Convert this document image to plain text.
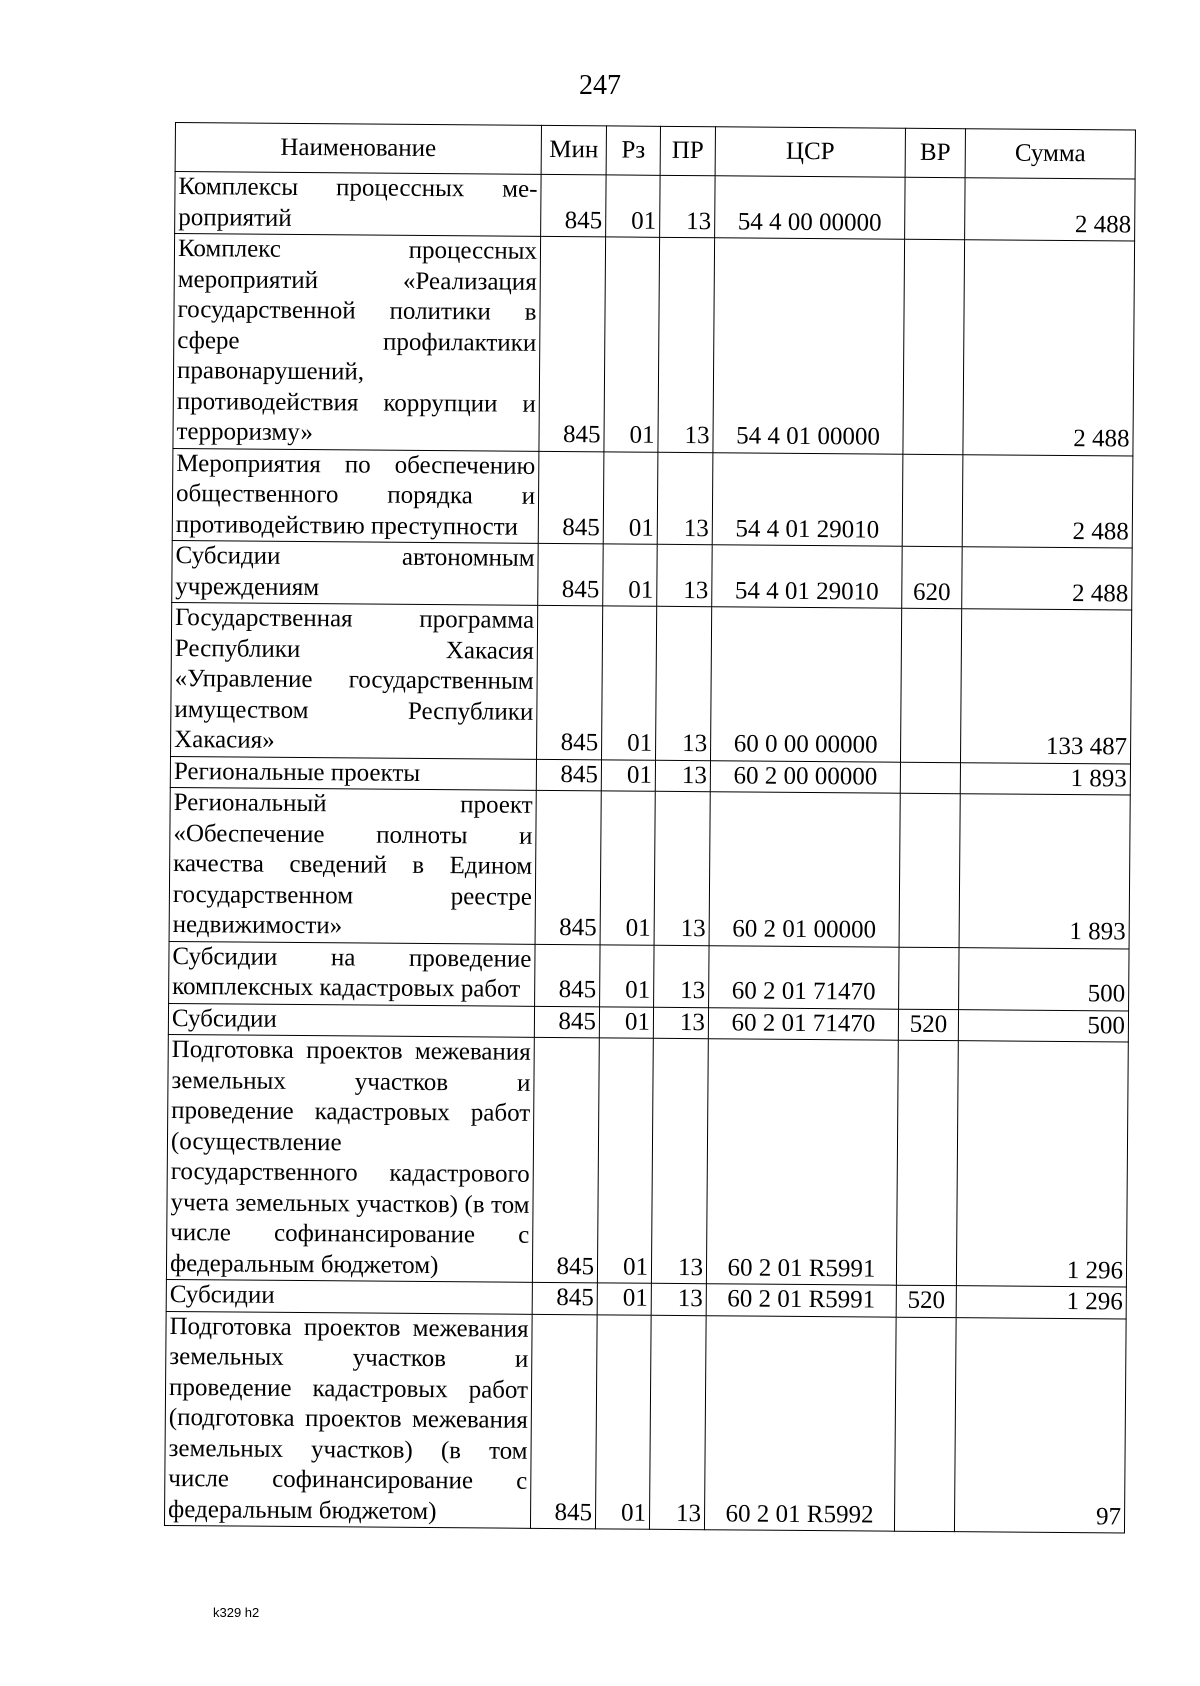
247
Наименование	Мин	Рз	ПР	ЦСР	ВР	Сумма
Комплексы процессных ме-роприятий	845	01	13	54 4 00 00000		2 488
Комплекс процессных мероприятий «Реализация государственной политики в сфере профилактики правонарушений, противодействия коррупции и терроризму»	845	01	13	54 4 01 00000		2 488
Мероприятия по обеспечению общественного порядка и противодействию преступности	845	01	13	54 4 01 29010		2 488
Субсидии автономным учреждениям	845	01	13	54 4 01 29010	620	2 488
Государственная программа Республики Хакасия «Управление государственным имуществом Республики Хакасия»	845	01	13	60 0 00 00000		133 487
Региональные проекты	845	01	13	60 2 00 00000		1 893
Региональный проект «Обеспечение полноты и качества сведений в Едином государственном реестре недвижимости»	845	01	13	60 2 01 00000		1 893
Субсидии на проведение комплексных кадастровых работ	845	01	13	60 2 01 71470		500
Субсидии	845	01	13	60 2 01 71470	520	500
Подготовка проектов межевания земельных участков и проведение кадастровых работ (осуществление государственного кадастрового учета земельных участков) (в том числе софинансирование с федеральным бюджетом)	845	01	13	60 2 01 R5991		1 296
Субсидии	845	01	13	60 2 01 R5991	520	1 296
Подготовка проектов межевания земельных участков и проведение кадастровых работ (подготовка проектов межевания земельных участков) (в том числе софинансирование с федеральным бюджетом)	845	01	13	60 2 01 R5992		97
k329 h2
